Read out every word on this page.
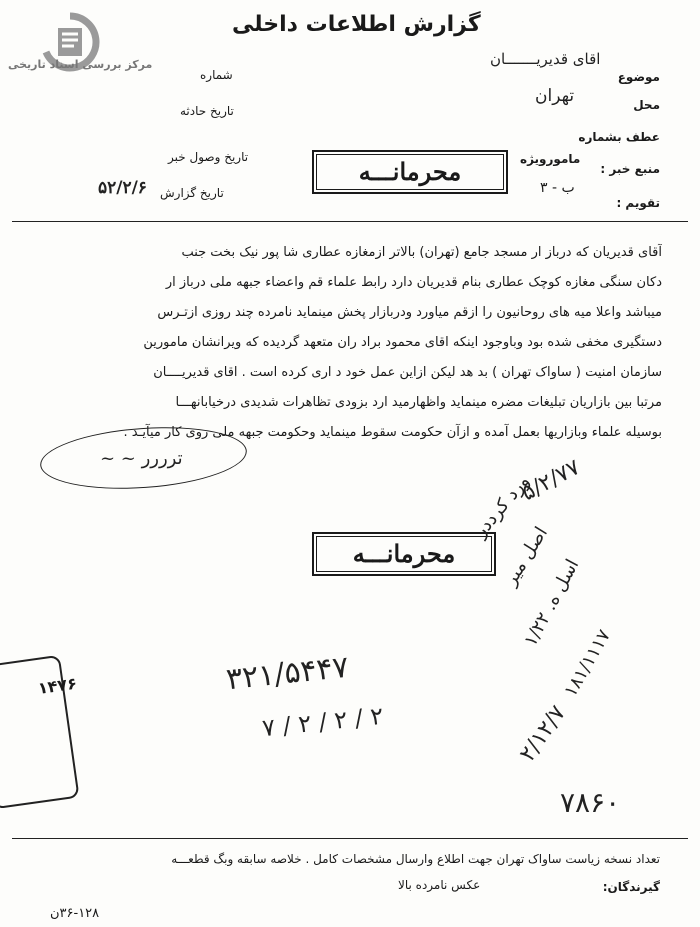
مرکز بررسی اسناد تاریخی
گزارش اطلاعات داخلی
شماره
تاریخ حادثه
تاریخ وصول خبر
تاریخ گزارش
۵۲/۲/۶
موضوع
اقای قدیریـــــــان
محل
تهران
عطف بشماره
منبع خبر :
مامورویژه
تقویم :
ب - ۳
محرمانـــه
آقای قدیریان که درباز ار مسجد جامع (تهران) بالاتر ازمغازه عطاری شا پور نیک بخت جنب
دکان سنگی مغازه کوچک عطاری بنام قدیریان دارد رابط علماء قم واعضاء جبهه ملی درباز ار
میباشد واعلا میه های روحانیون را ازقم میاورد ودربازار پخش مینماید نامرده چند روزی ازتـرس
دستگیری مخفی شده بود وباوجود اینکه اقای محمود براد ران متعهد گردیده که ویرانشان مامورین
سازمان امنیت ( ساواک تهران ) بد هد لیکن ازاین عمل خود د اری کرده است . اقای قدیریــــان
مرتبا بین بازاریان تبلیغات مضره مینماید واظهارمید ارد بزودی تظاهرات شدیدی درخیابانهـــا
بوسیله علماء وبازاریها بعمل آمده و ازآن حکومت سقوط مینماید وحکومت جبهه ملی روی کار میآیـد .
ترررر ~ ~	۵/۲/۷۷
محرمانـــه
ورد کرددر
اصل میر
اسل ه. ۱/۲۲
۱۸۱/۱۱۱۷
۲/۱۲/۷
۳۲۱/۵۴۴۷
۷ / ۲ / ۲ / ۲
۷۸۶۰
۱۴۷۶
تعداد نسخه زیاست ساواک تهران جهت اطلاع وارسال مشخصات کامل . خلاصه سابقه وبگ قطعـــه
گیرندگان:
عکس نامرده بالا
۳۶-۱۲۸ن
